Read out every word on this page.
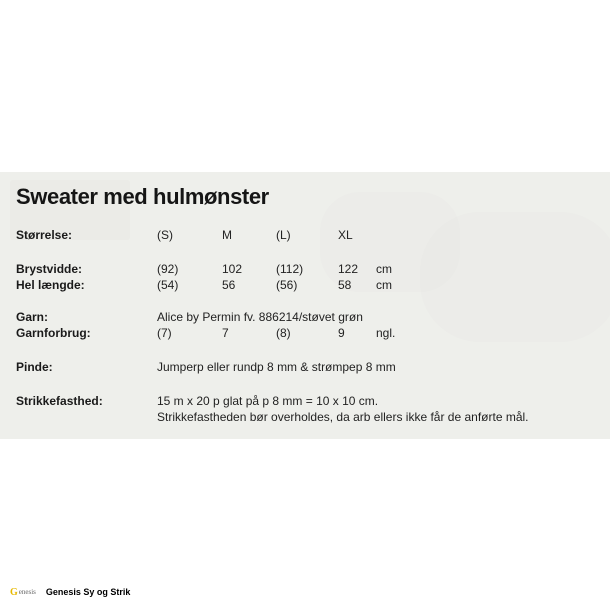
Sweater med hulmønster
Størrelse:	(S)	M	(L)	XL
Brystvidde:	(92)	102	(112)	122 cm
Hel længde:	(54)	56	(56)	58 cm
Garn:	Alice by Permin fv. 886214/støvet grøn
Garnforbrug:	(7)	7	(8)	9	ngl.
Pinde:	Jumperp eller rundp 8 mm & strømpep 8 mm
Strikkefasthed:	15 m x 20 p glat på p 8 mm = 10 x 10 cm.
Strikkefastheden bør overholdes, da arb ellers ikke får de anførte mål.
G enesis Genesis Sy og Strik
